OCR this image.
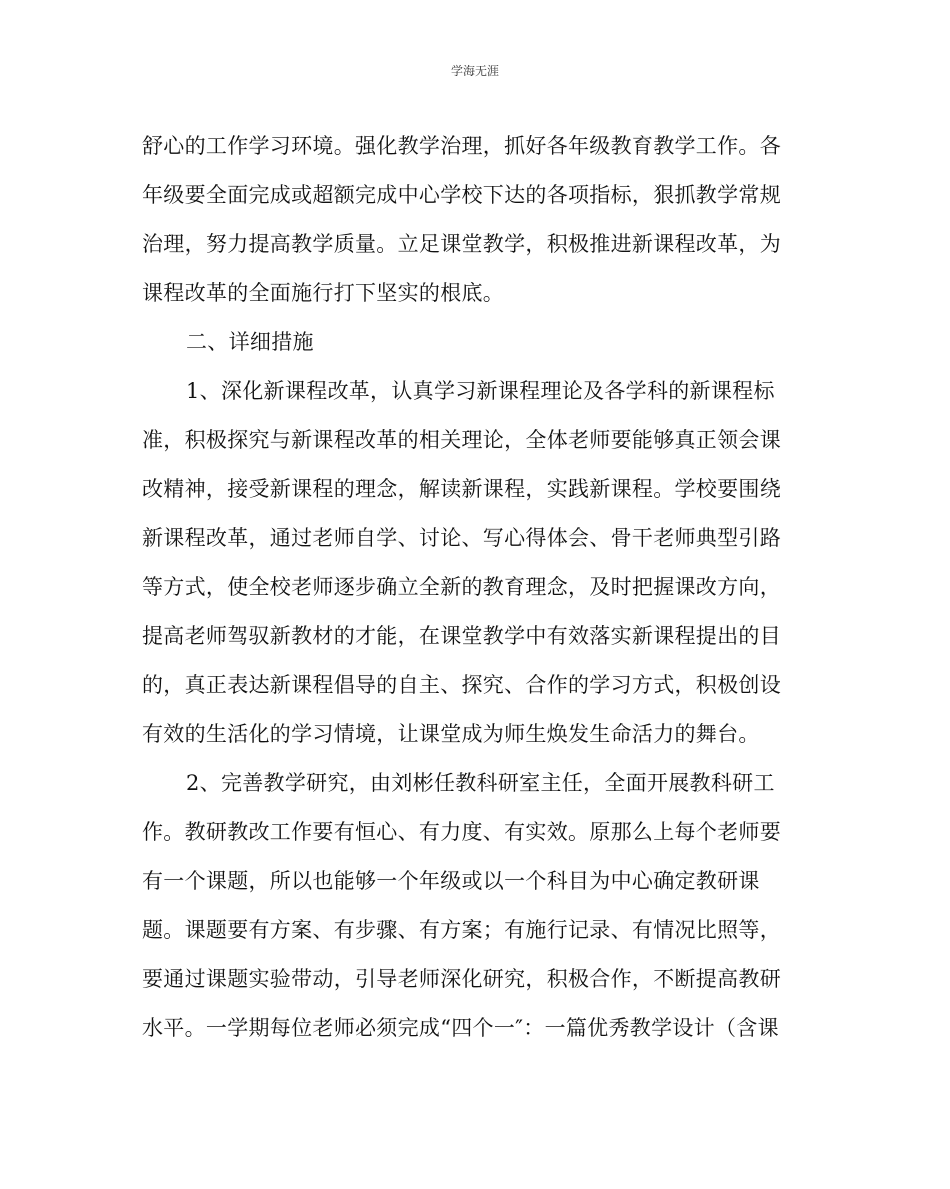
学海无涯

舒心的工作学习环境。强化教学治理，抓好各年级教育教学工作。各
年级要全面完成或超额完成中心学校下达的各项指标，狠抓教学常规
治理，努力提高教学质量。立足课堂教学，积极推进新课程改革，为
课程改革的全面施行打下坚实的根底。

二、详细措施

1、深化新课程改革，认真学习新课程理论及各学科的新课程标
准，积极探究与新课程改革的相关理论，全体老师要能够真正领会课
改精神，接受新课程的理念，解读新课程，实践新课程。学校要围绕
新课程改革，通过老师自学、讨论、写心得体会、骨干老师典型引路
等方式，使全校老师逐步确立全新的教育理念，及时把握课改方向，
提高老师驾驭新教材的才能，在课堂教学中有效落实新课程提出的目
的，真正表达新课程倡导的自主、探究、合作的学习方式，积极创设
有效的生活化的学习情境，让课堂成为师生焕发生命活力的舞台。

2、完善教学研究，由刘彬任教科研室主任，全面开展教科研工
作。教研教改工作要有恒心、有力度、有实效。原那么上每个老师要
有一个课题，所以也能够一个年级或以一个科目为中心确定教研课
题。课题要有方案、有步骤、有方案；有施行记录、有情况比照等，
要通过课题实验带动，引导老师深化研究，积极合作，不断提高教研
水平。一学期每位老师必须完成“四个一″：一篇优秀教学设计（含课
